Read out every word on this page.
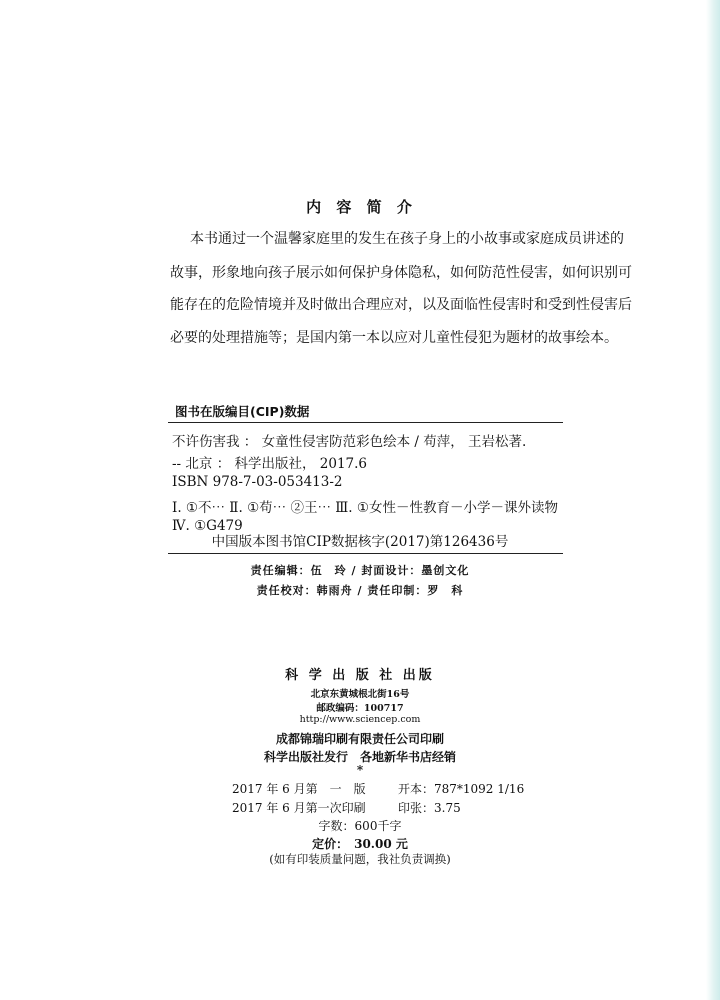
内 容 简 介
本书通过一个温馨家庭里的发生在孩子身上的小故事或家庭成员讲述的
故事，形象地向孩子展示如何保护身体隐私，如何防范性侵害，如何识别可
能存在的危险情境并及时做出合理应对，以及面临性侵害时和受到性侵害后
必要的处理措施等；是国内第一本以应对儿童性侵犯为题材的故事绘本。
图书在版编目(CIP)数据
不许伤害我 ： 女童性侵害防范彩色绘本 / 苟萍， 王岩松著.
-- 北京 ： 科学出版社， 2017.6
ISBN 978-7-03-053413-2
Ⅰ. ①不⋯ Ⅱ. ①苟⋯ ②王⋯ Ⅲ. ①女性－性教育－小学－课外读物
Ⅳ. ①G479
中国版本图书馆CIP数据核字(2017)第126436号
责任编辑：伍　玲 / 封面设计：墨创文化
责任校对：韩雨舟 / 责任印制：罗　科
科 学 出 版 社 出版
北京东黄城根北街16号
邮政编码：100717
http://www.sciencep.com
成都锦瑞印刷有限责任公司印刷
科学出版社发行　各地新华书店经销
*
2017 年 6 月第　一　版	开本：787*1092 1/16
2017 年 6 月第一次印刷	印张：3.75
字数：600千字
定价：　30.00 元
(如有印装质量问题，我社负责调换)
